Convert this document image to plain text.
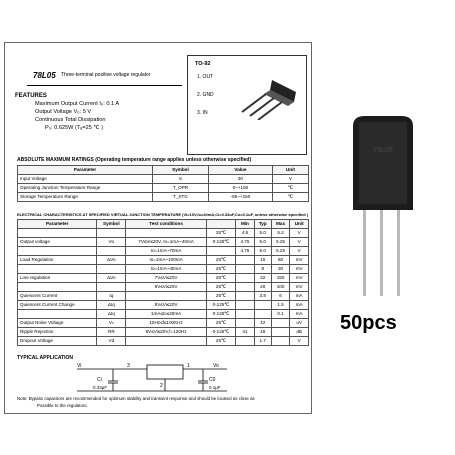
78L05 Three-terminal positive voltage regulator
TO-92
1. OUT
2. GND
3. IN
FEATURES
Maximum Output Current I₀: 0.1 A
Output Voltage V₀: 5 V
Continuous Total Dissipation
P₀: 0.625W (Tₐ=25 ℃ )
ABSOLUTE MAXIMUM RATINGS (Operating temperature range applies unless otherwise specified)
Parameter	Symbol	Value	Unit
Input Voltage	Vᵢ	30	V
Operating Junction Temperature Range	T_OPR	0~+150	℃
Storage Temperature Range	T_STG	-55~+150	℃
ELECTRICAL CHARACTERISTICS AT SPECIFIED VIRTUAL JUNCTION TEMPERATURE (Vi=10V,Io=40mA,Ci=0.33uF,Co=0.1uF, unless otherwise specified )
Parameter	Symbol	Test conditions		Min	Typ	Max	Unit
			25℃	4.8	5.0	5.2	V
Output voltage	Vo	7V≤Vi≤20V, Io=1mA~40mA	0-125℃	4.75	5.0	5.25	V
		Io=1mA~70mA		4.75	5.0	5.25	V
Load Regulation	ΔVo	Io=1mA~100mA	25℃		15	60	mV
		Io=1mA~40mA	25℃		8	30	mV
Line regulation	ΔVo	7V≤Vi≤20V	25℃		32	150	mV
		8V≤Vi≤20V	25℃		26	100	mV
Quiescent Current	Iq		25℃		3.8	6	mA
Quiescent Current Change	ΔIq	8V≤Vi≤20V	0-125℃			1.5	mA
	ΔIq	1mA≤Io≤40mA	0-125℃			0.1	mA
Output Noise Voltage	Vₙ	10Hz≤f≤100KHz	25℃		42		uV
Ripple Rejection	RR	8V≤Vi≤20V,f=120Hz	0-125℃	41	49		dB
Dropout Voltage	Vd		25℃		1.7		V
TYPICAL APPLICATION
Vi	3	1	Vo
2
Ci
0.33μF
C0
0.1μF
Note: Bypass capacitors are recommended for optimum stability and transient response and should be located as close as
Possible to the regulators.
78L05
50pcs
